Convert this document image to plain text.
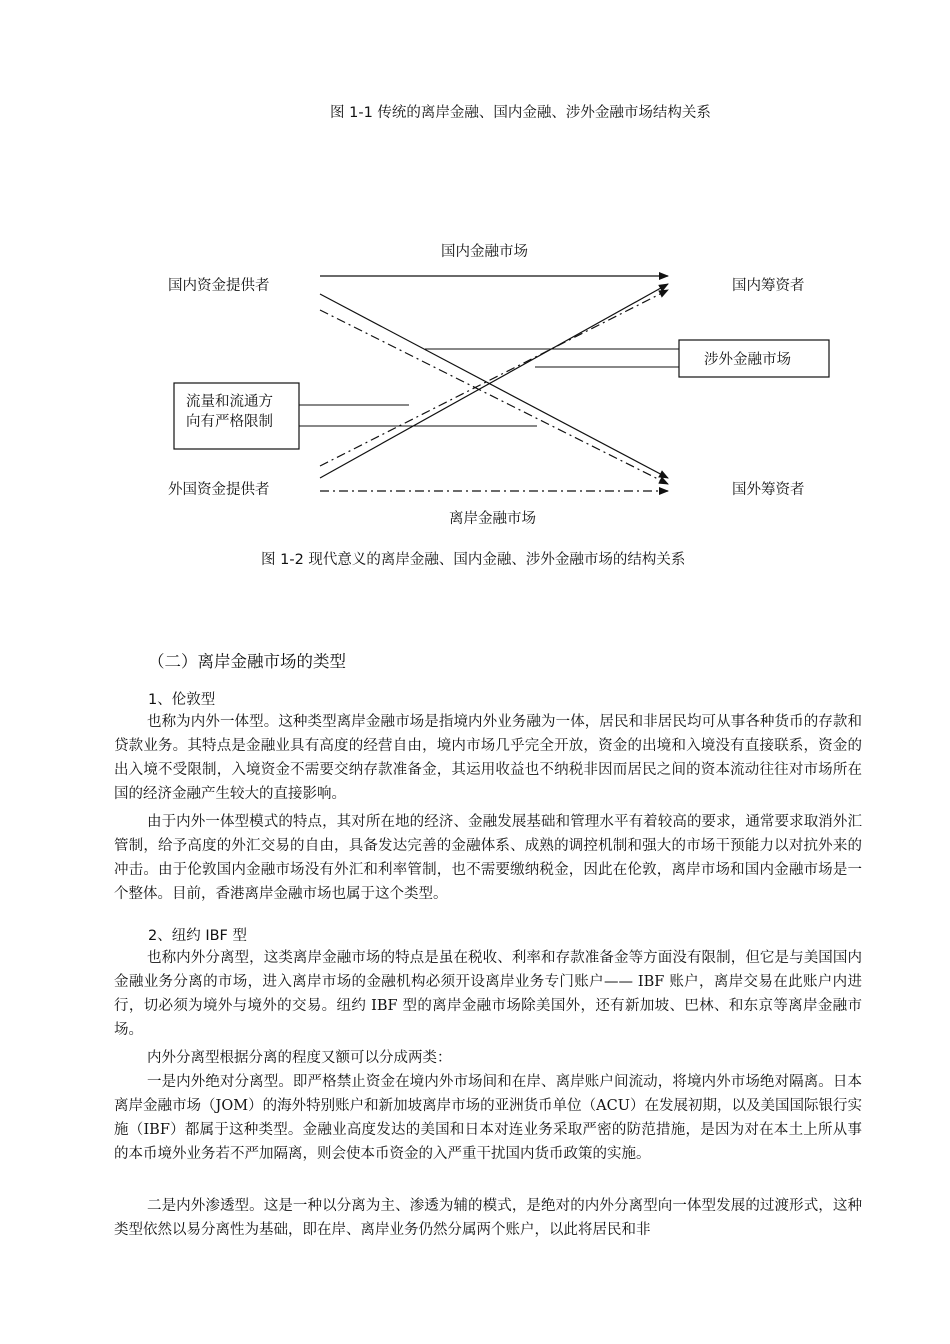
图 1-1 传统的离岸金融、国内金融、涉外金融市场结构关系
国内金融市场
国内资金提供者	国内筹资者
外国资金提供者	国外筹资者
离岸金融市场
涉外金融市场
流量和流通方
向有严格限制
图 1-2 现代意义的离岸金融、国内金融、涉外金融市场的结构关系
（二）离岸金融市场的类型
1、伦敦型

也称为内外一体型。这种类型离岸金融市场是指境内外业务融为一体，居民和非居民均可从事各种货币的存款和贷款业务。其特点是金融业具有高度的经营自由，境内市场几乎完全开放，资金的出境和入境没有直接联系，资金的出入境不受限制，入境资金不需要交纳存款准备金，其运用收益也不纳税非因而居民之间的资本流动往往对市场所在国的经济金融产生较大的直接影响。

由于内外一体型模式的特点，其对所在地的经济、金融发展基础和管理水平有着较高的要求，通常要求取消外汇管制，给予高度的外汇交易的自由，具备发达完善的金融体系、成熟的调控机制和强大的市场干预能力以对抗外来的冲击。由于伦敦国内金融市场没有外汇和利率管制，也不需要缴纳税金，因此在伦敦，离岸市场和国内金融市场是一个整体。目前，香港离岸金融市场也属于这个类型。

2、纽约 IBF 型

也称内外分离型，这类离岸金融市场的特点是虽在税收、利率和存款准备金等方面没有限制，但它是与美国国内金融业务分离的市场，进入离岸市场的金融机构必须开设离岸业务专门账户—— IBF 账户，离岸交易在此账户内进行，切必须为境外与境外的交易。纽约 IBF 型的离岸金融市场除美国外，还有新加坡、巴林、和东京等离岸金融市场。

内外分离型根据分离的程度又额可以分成两类：

一是内外绝对分离型。即严格禁止资金在境内外市场间和在岸、离岸账户间流动，将境内外市场绝对隔离。日本离岸金融市场（JOM）的海外特别账户和新加坡离岸市场的亚洲货币单位（ACU）在发展初期，以及美国国际银行实施（IBF）都属于这种类型。金融业高度发达的美国和日本对连业务采取严密的防范措施，是因为对在本土上所从事的本币境外业务若不严加隔离，则会使本币资金的入严重干扰国内货币政策的实施。

二是内外渗透型。这是一种以分离为主、渗透为辅的模式，是绝对的内外分离型向一体型发展的过渡形式，这种类型依然以易分离性为基础，即在岸、离岸业务仍然分属两个账户，以此将居民和非
